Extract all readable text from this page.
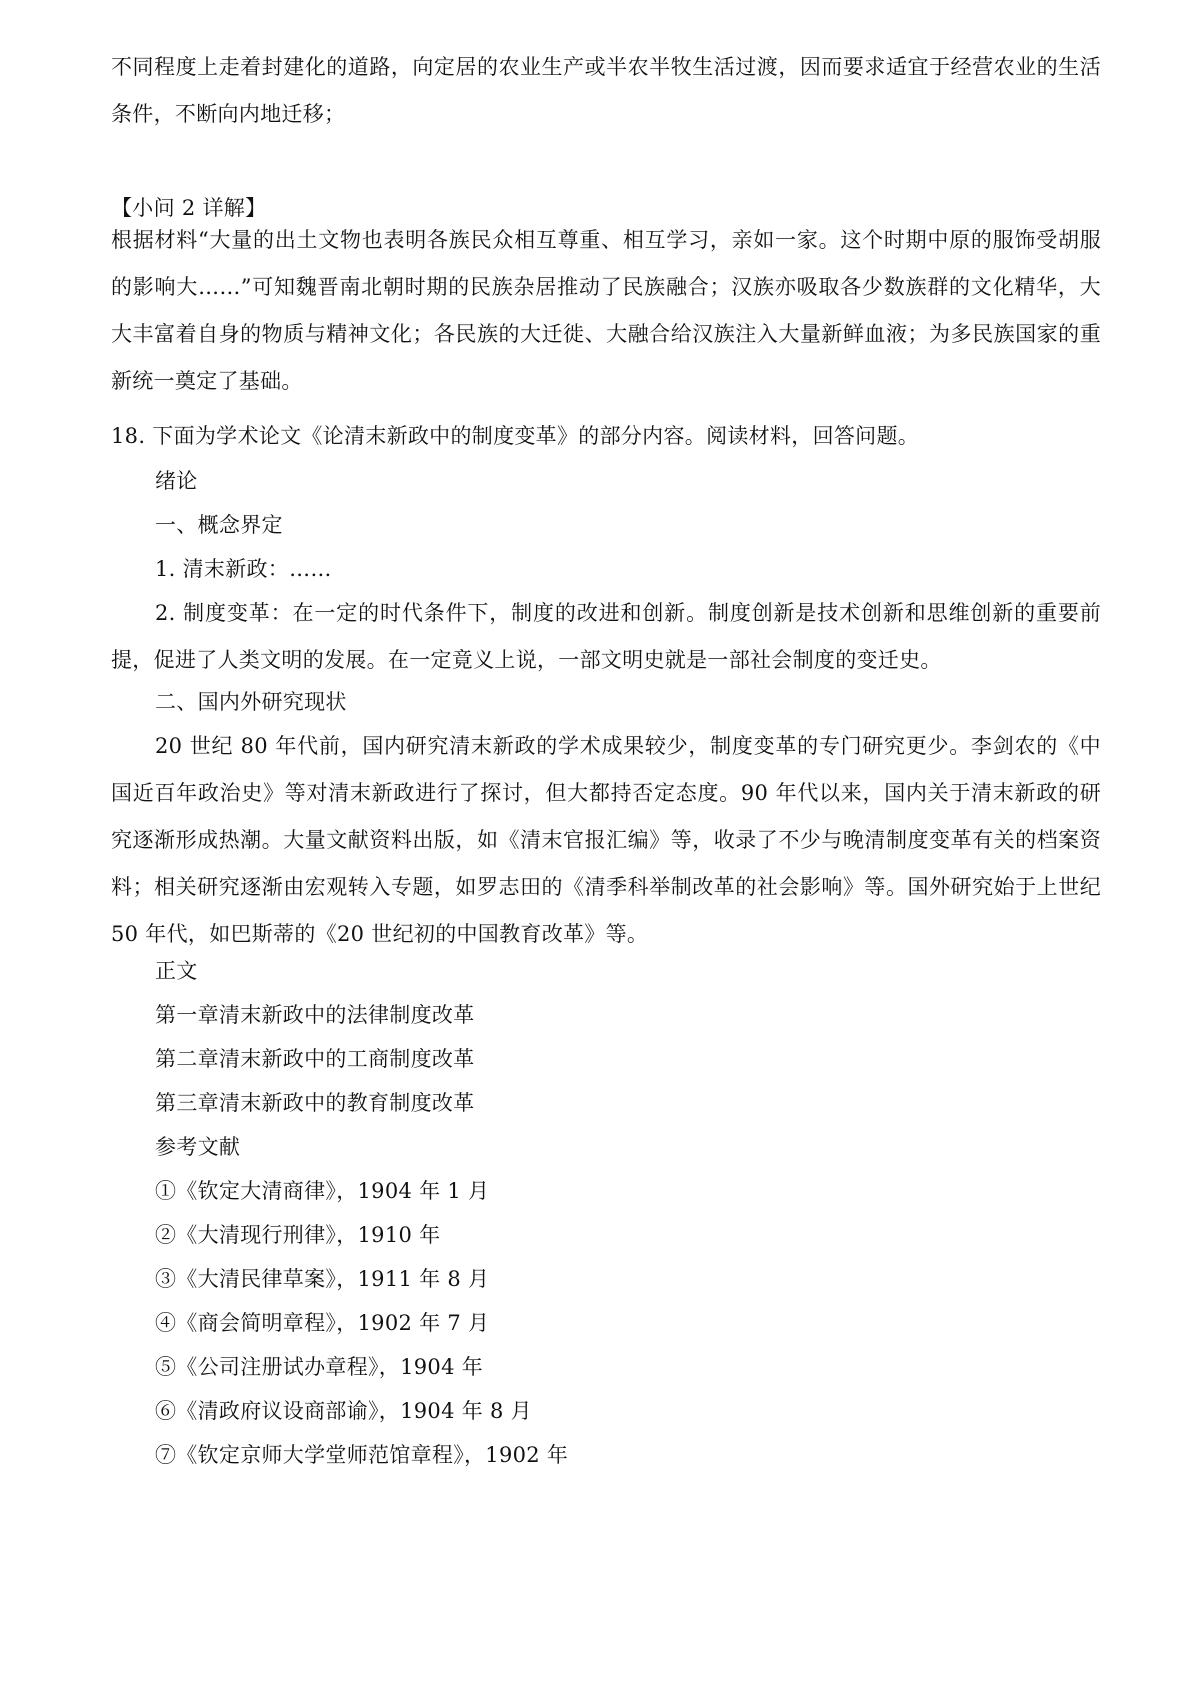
不同程度上走着封建化的道路，向定居的农业生产或半农半牧生活过渡，因而要求适宜于经营农业的生活条件，不断向内地迁移；
【小问 2 详解】
根据材料“大量的出土文物也表明各族民众相互尊重、相互学习，亲如一家。这个时期中原的服饰受胡服的影响大……”可知魏晋南北朝时期的民族杂居推动了民族融合；汉族亦吸取各少数族群的文化精华，大大丰富着自身的物质与精神文化；各民族的大迁徙、大融合给汉族注入大量新鲜血液；为多民族国家的重新统一奠定了基础。
18. 下面为学术论文《论清末新政中的制度变革》的部分内容。阅读材料，回答问题。
绪论
一、概念界定
1. 清末新政：……
2. 制度变革：在一定的时代条件下，制度的改进和创新。制度创新是技术创新和思维创新的重要前提，促进了人类文明的发展。在一定竟义上说，一部文明史就是一部社会制度的变迁史。
二、国内外研究现状
20 世纪 80 年代前，国内研究清末新政的学术成果较少，制度变革的专门研究更少。李剑农的《中国近百年政治史》等对清末新政进行了探讨，但大都持否定态度。90 年代以来，国内关于清末新政的研究逐渐形成热潮。大量文献资料出版，如《清末官报汇编》等，收录了不少与晚清制度变革有关的档案资料；相关研究逐渐由宏观转入专题，如罗志田的《清季科举制改革的社会影响》等。国外研究始于上世纪 50 年代，如巴斯蒂的《20 世纪初的中国教育改革》等。
正文
第一章清末新政中的法律制度改革
第二章清末新政中的工商制度改革
第三章清末新政中的教育制度改革
参考文献
①《钦定大清商律》，1904 年 1 月
②《大清现行刑律》，1910 年
③《大清民律草案》，1911 年 8 月
④《商会简明章程》，1902 年 7 月
⑤《公司注册试办章程》，1904 年
⑥《清政府议设商部谕》，1904 年 8 月
⑦《钦定京师大学堂师范馆章程》，1902 年
